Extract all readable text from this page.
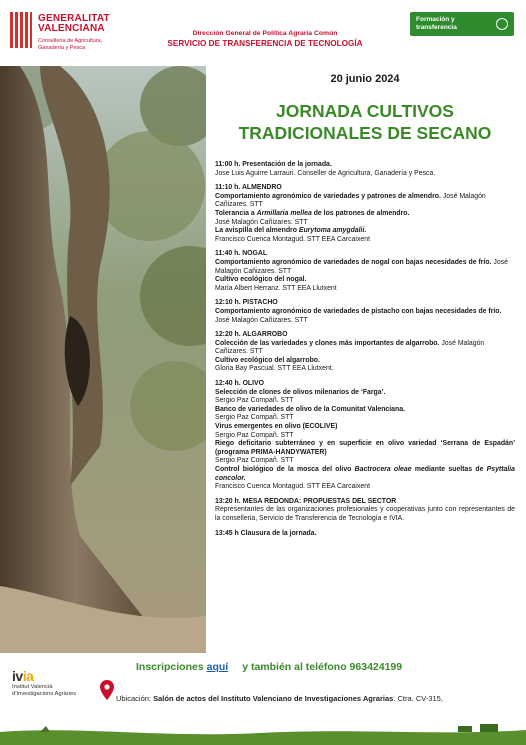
GENERALITAT
VALENCIANA
Conselleria de Agricultura, Ganadería y Pesca
Dirección General de Política Agraria Común
SERVICIO DE TRANSFERENCIA DE TECNOLOGÍA
Formación y
transferencia
20 junio 2024
JORNADA CULTIVOS
TRADICIONALES DE SECANO
11:00 h. Presentación de la jornada.
Jose Luis Aguirre Larrauri. Conseller de Agricultura, Ganadería y Pesca.
11:10 h. ALMENDRO
Comportamiento agronómico de variedades y patrones de almendro. José Malagón Cañizares. STT
Tolerancia a Armillaria mellea de los patrones de almendro.
José Malagón Cañizares. STT
La avispilla del almendro Eurytoma amygdalii.
Francisco Cuenca Montagud. STT EEA Carcaixent
11:40 h. NOGAL
Comportamiento agronómico de variedades de nogal con bajas necesidades de frío. José Malagón Cañizares. STT
Cultivo ecológico del nogal.
María Albert Herranz. STT EEA Llutxent
12:10 h. PISTACHO
Comportamiento agronómico de variedades de pistacho con bajas necesidades de frío. José Malagón Cañizares. STT
12:20 h. ALGARROBO
Colección de las variedades y clones más importantes de algarrobo. José Malagón Cañizares. STT
Cultivo ecológico del algarrobo.
Gloria Bay Pascual. STT EEA Llutxent.
12:40 h. OLIVO
Selección de clones de olivos milenarios de ‘Farga’.
Sergio Paz Compañ. STT
Banco de variedades de olivo de la Comunitat Valenciana.
Sergio Paz Compañ. STT
Virus emergentes en olivo (ECOLIVE)
Sergio Paz Compañ. STT
Riego deficitario subterráneo y en superficie en olivo variedad ‘Serrana de Espadán’ (programa PRIMA-HANDYWATER)
Sergio Paz Compañ. STT
Control biológico de la mosca del olivo Bactrocera oleae mediante sueltas de Psyttalia concolor.
Francisco Cuenca Montagud. STT EEA Carcaixent
13:20 h. MESA REDONDA: PROPUESTAS DEL SECTOR
Representantes de las organizaciones profesionales y cooperativas junto con representantes de la conselleria, Servicio de Transferencia de Tecnología e IVIA.
13:45 h Clausura de la jornada.
ivia
Institut Valencià
d’Investigacions Agràries
Inscripciones aquí y también al teléfono 963424199
Ubicación: Salón de actos del Instituto Valenciano de Investigaciones Agrarias. Ctra. CV-315,
